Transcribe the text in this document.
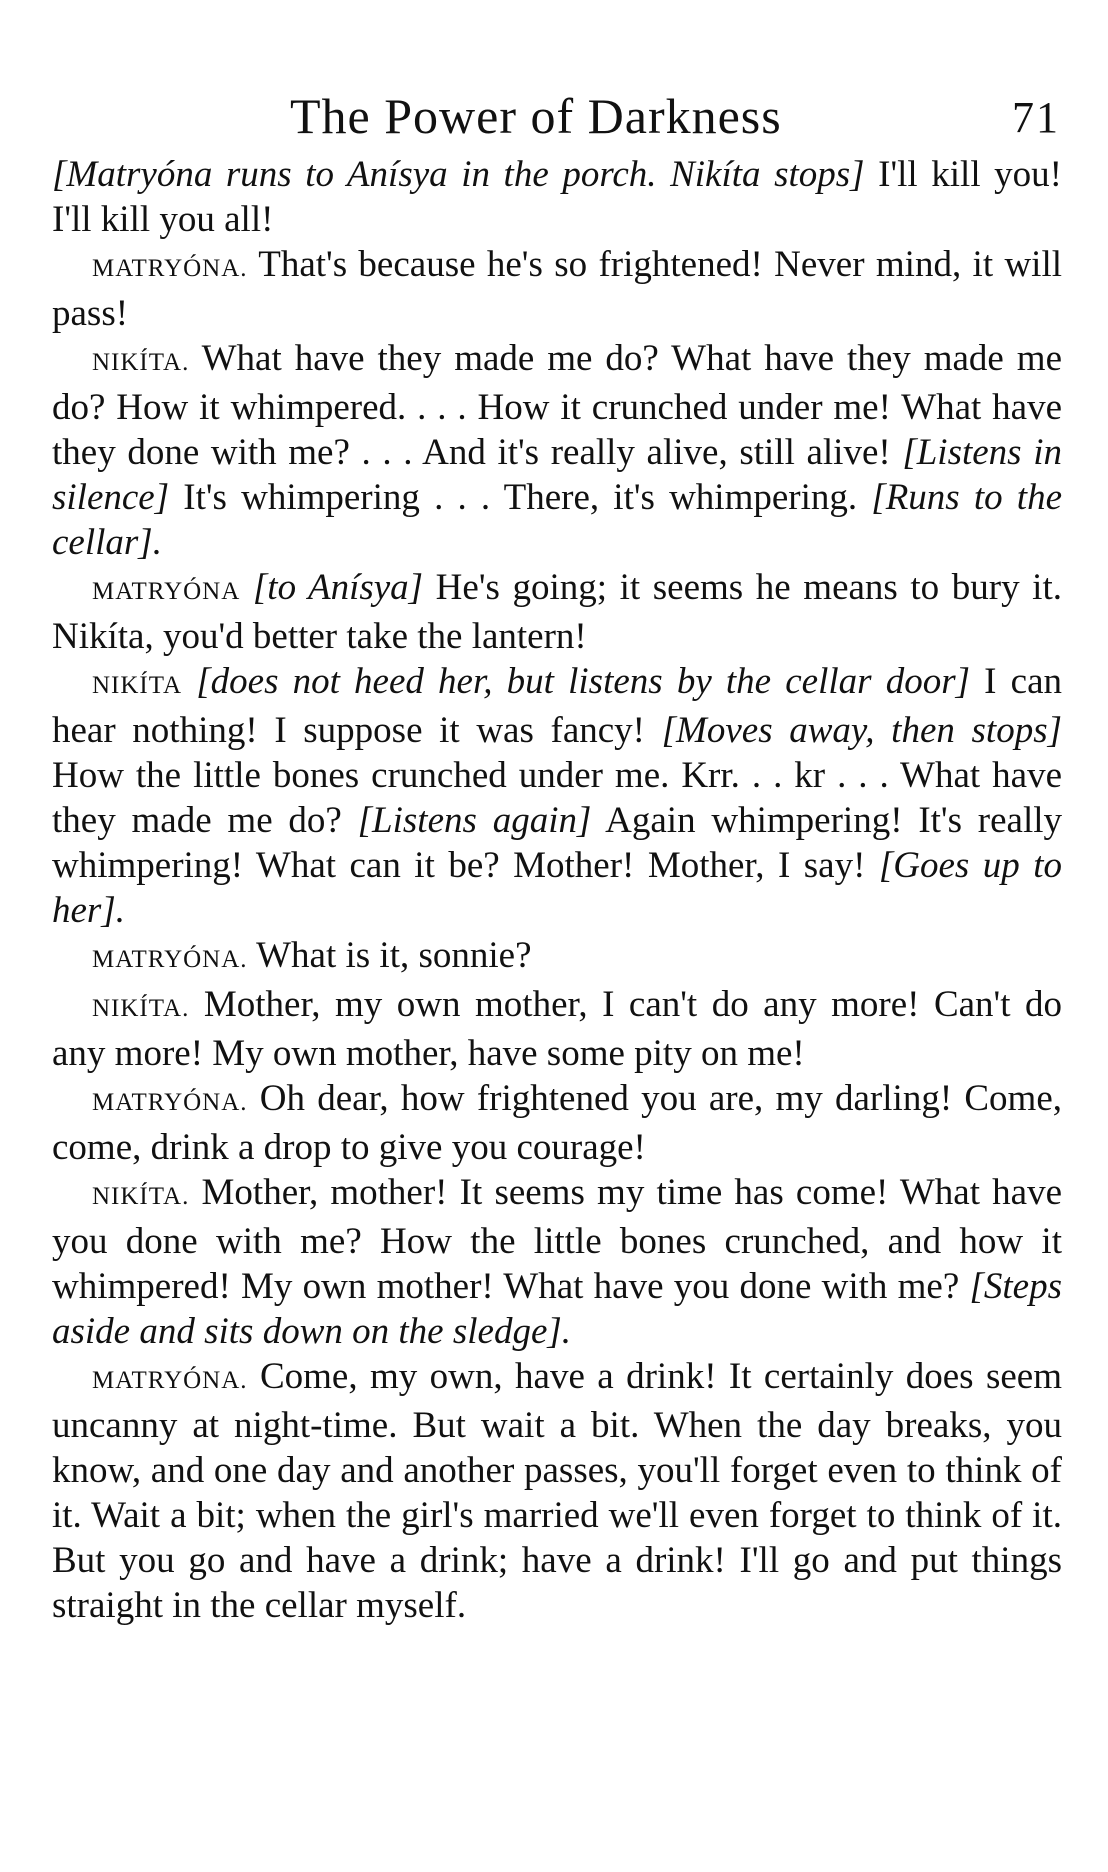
The Power of Darkness	71

[Matryóna runs to Anísya in the porch. Nikíta stops] I'll kill you! I'll kill you all!

MATRYÓNA. That's because he's so frightened! Never mind, it will pass!

NIKÍTA. What have they made me do? What have they made me do? How it whimpered. . . . How it crunched under me! What have they done with me? . . . And it's really alive, still alive! [Listens in silence] It's whimpering . . . There, it's whimpering. [Runs to the cellar].

MATRYÓNA [to Anísya] He's going; it seems he means to bury it. Nikíta, you'd better take the lantern!

NIKÍTA [does not heed her, but listens by the cellar door] I can hear nothing! I suppose it was fancy! [Moves away, then stops] How the little bones crunched under me. Krr. . . kr . . . What have they made me do? [Listens again] Again whimpering! It's really whimpering! What can it be? Mother! Mother, I say! [Goes up to her].

MATRYÓNA. What is it, sonnie?

NIKÍTA. Mother, my own mother, I can't do any more! Can't do any more! My own mother, have some pity on me!

MATRYÓNA. Oh dear, how frightened you are, my darling! Come, come, drink a drop to give you courage!

NIKÍTA. Mother, mother! It seems my time has come! What have you done with me? How the little bones crunched, and how it whimpered! My own mother! What have you done with me? [Steps aside and sits down on the sledge].

MATRYÓNA. Come, my own, have a drink! It certainly does seem uncanny at night-time. But wait a bit. When the day breaks, you know, and one day and another passes, you'll forget even to think of it. Wait a bit; when the girl's married we'll even forget to think of it. But you go and have a drink; have a drink! I'll go and put things straight in the cellar myself.
